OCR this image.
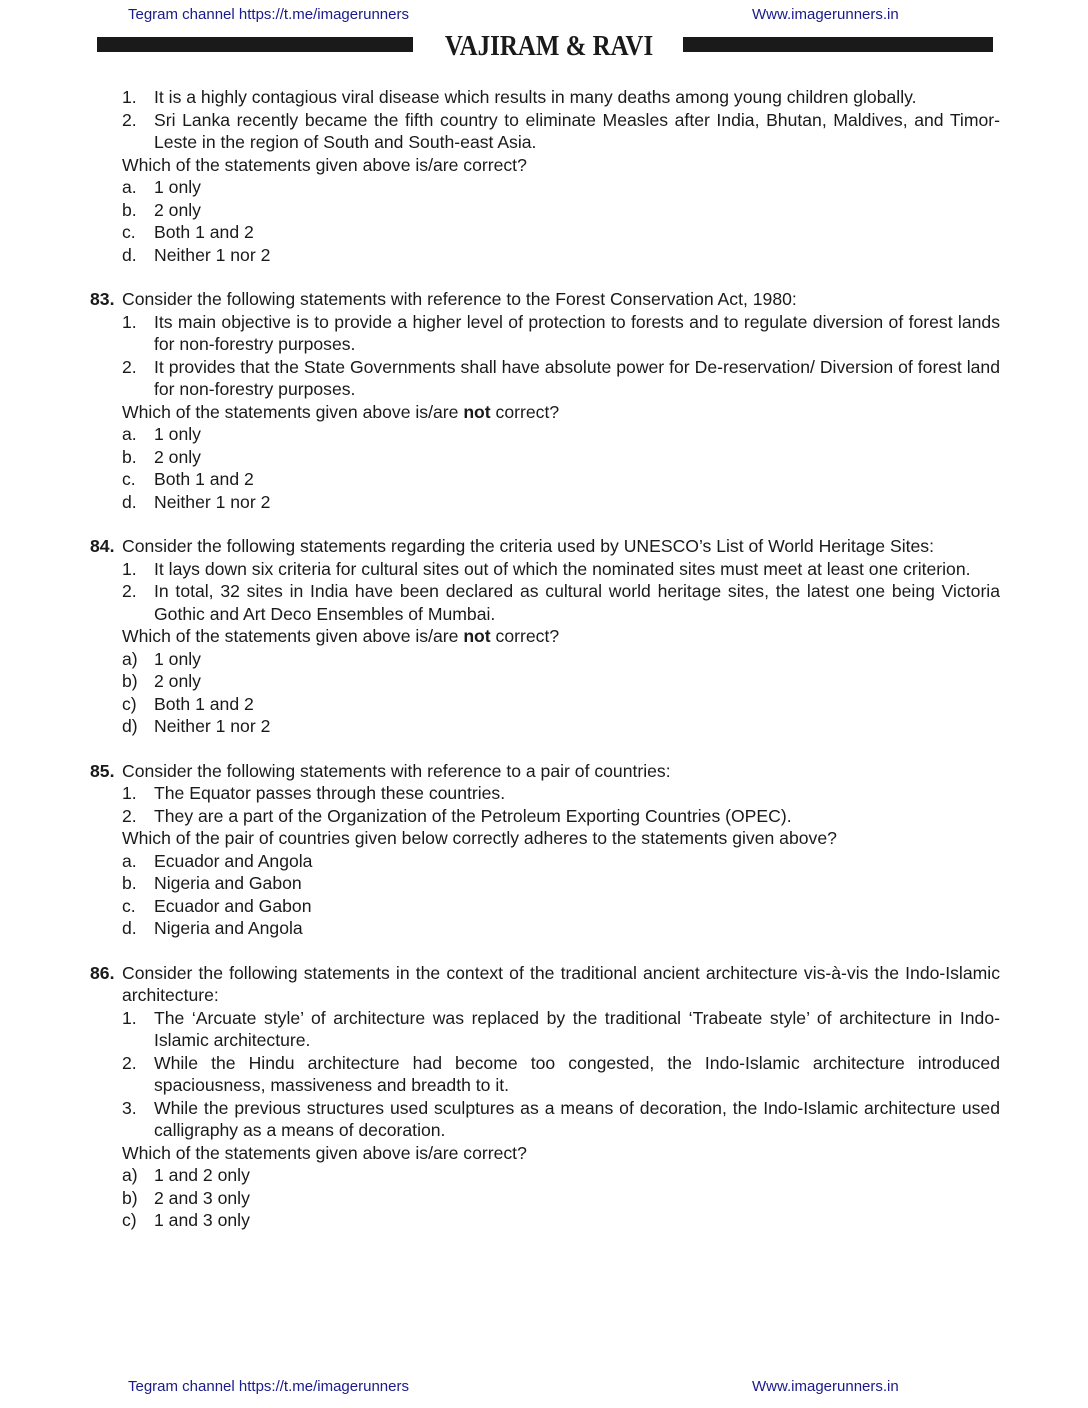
Tegram channel https://t.me/imagerunners	Www.imagerunners.in
VAJIRAM & RAVI
1. It is a highly contagious viral disease which results in many deaths among young children globally.
2. Sri Lanka recently became the fifth country to eliminate Measles after India, Bhutan, Maldives, and Timor-Leste in the region of South and South-east Asia.
Which of the statements given above is/are correct?
a. 1 only
b. 2 only
c. Both 1 and 2
d. Neither 1 nor 2
83. Consider the following statements with reference to the Forest Conservation Act, 1980:
1. Its main objective is to provide a higher level of protection to forests and to regulate diversion of forest lands for non-forestry purposes.
2. It provides that the State Governments shall have absolute power for De-reservation/ Diversion of forest land for non-forestry purposes.
Which of the statements given above is/are not correct?
a. 1 only
b. 2 only
c. Both 1 and 2
d. Neither 1 nor 2
84. Consider the following statements regarding the criteria used by UNESCO’s List of World Heritage Sites:
1. It lays down six criteria for cultural sites out of which the nominated sites must meet at least one criterion.
2. In total, 32 sites in India have been declared as cultural world heritage sites, the latest one being Victoria Gothic and Art Deco Ensembles of Mumbai.
Which of the statements given above is/are not correct?
a) 1 only
b) 2 only
c) Both 1 and 2
d) Neither 1 nor 2
85. Consider the following statements with reference to a pair of countries:
1. The Equator passes through these countries.
2. They are a part of the Organization of the Petroleum Exporting Countries (OPEC).
Which of the pair of countries given below correctly adheres to the statements given above?
a. Ecuador and Angola
b. Nigeria and Gabon
c. Ecuador and Gabon
d. Nigeria and Angola
86. Consider the following statements in the context of the traditional ancient architecture vis-à-vis the Indo-Islamic architecture:
1. The ‘Arcuate style’ of architecture was replaced by the traditional ‘Trabeate style’ of architecture in Indo-Islamic architecture.
2. While the Hindu architecture had become too congested, the Indo-Islamic architecture introduced spaciousness, massiveness and breadth to it.
3. While the previous structures used sculptures as a means of decoration, the Indo-Islamic architecture used calligraphy as a means of decoration.
Which of the statements given above is/are correct?
a) 1 and 2 only
b) 2 and 3 only
c) 1 and 3 only
Tegram channel https://t.me/imagerunners	Www.imagerunners.in
